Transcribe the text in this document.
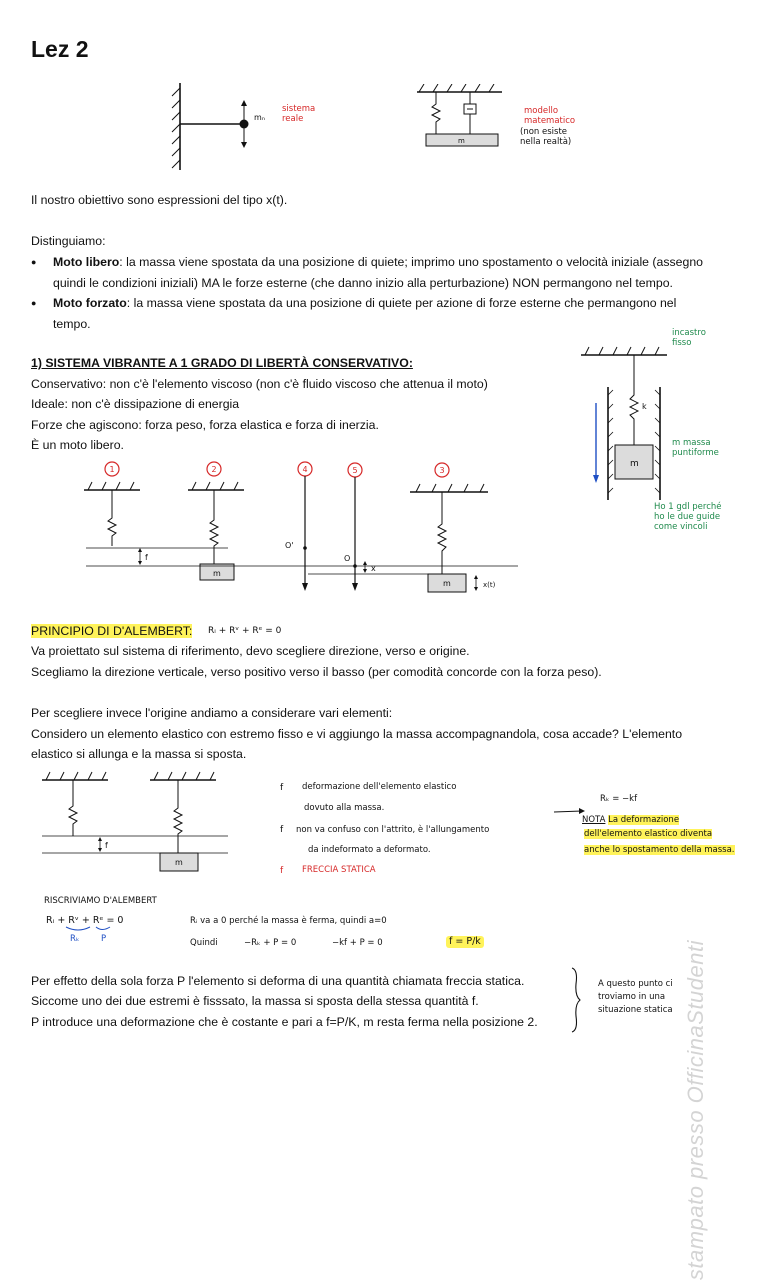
Lez 2
mₙ
sistema
reale
m
modello
matematico
(non esiste
nella realtà)
Il nostro obiettivo sono espressioni del tipo x(t).
Distinguiamo:
● Moto libero: la massa viene spostata da una posizione di quiete; imprimo uno spostamento o velocità iniziale (assegno
quindi le condizioni iniziali) MA le forze esterne (che danno inizio alla perturbazione) NON permangono nel tempo.
● Moto forzato: la massa viene spostata da una posizione di quiete per azione di forze esterne che permangono nel
tempo.
1) SISTEMA VIBRANTE A 1 GRADO DI LIBERTÀ CONSERVATIVO:
Conservativo: non c'è l'elemento viscoso (non c'è fluido viscoso che attenua il moto)
Ideale: non c'è dissipazione di energia
Forze che agiscono: forza peso, forza elastica e forza di inerzia.
È un moto libero.
k
m
incastro
fisso
m massa
puntiforme
Ho 1 gdl perché
ho le due guide
come vincoli
1	2	4	5	3
m
m
f
O'
O
x
x(t)
PRINCIPIO DI D'ALEMBERT: Rᵢ + Rᵛ + Rᵉ = 0
Va proiettato sul sistema di riferimento, devo scegliere direzione, verso e origine.
Scegliamo la direzione verticale, verso positivo verso il basso (per comodità concorde con la forza peso).
Per scegliere invece l'origine andiamo a considerare vari elementi:
Considero un elemento elastico con estremo fisso e vi aggiungo la massa accompagnandola, cosa accade? L'elemento
elastico si allunga e la massa si sposta.
m
f
f deformazione dell'elemento elastico
dovuto alla massa.
f non va confuso con l'attrito, è l'allungamento
da indeformato a deformato.
f FRECCIA STATICA
Rₖ = −kf
NOTA La deformazione
dell'elemento elastico diventa
anche lo spostamento della massa.
RISCRIVIAMO D'ALEMBERT
Rᵢ + Rᵛ + Rᵉ = 0
Rₖ	P
Rᵢ va a 0 perché la massa è ferma, quindi a=0
Quindi	−Rₖ + P = 0	−kf + P = 0	f = P/k
Per effetto della sola forza P l'elemento si deforma di una quantità chiamata freccia statica.
Siccome uno dei due estremi è fisssato, la massa si sposta della stessa quantità f.
P introduce una deformazione che è costante e pari a f=P/K, m resta ferma nella posizione 2.
A questo punto ci
troviamo in una
situazione statica stampato presso OfficinaStudenti
